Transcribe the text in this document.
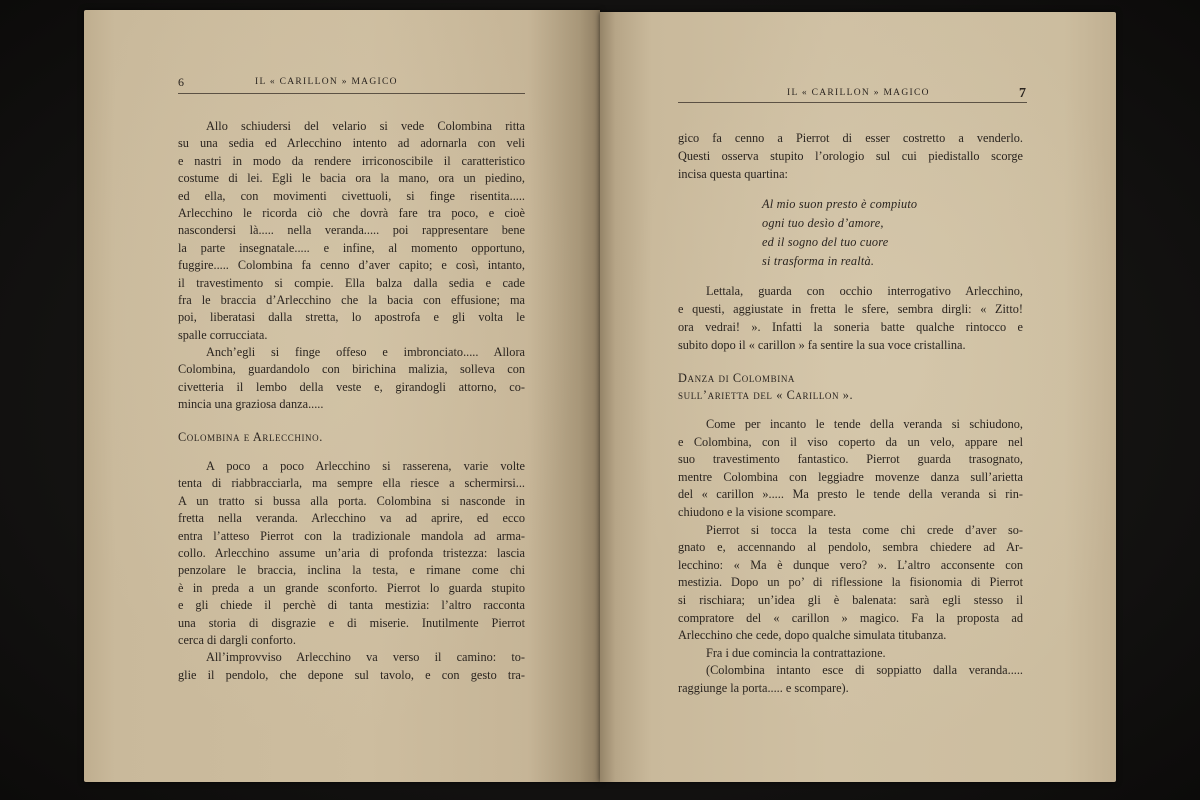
6	IL « CARILLON » MAGICO
Allo schiudersi del velario si vede Colombina ritta
su una sedia ed Arlecchino intento ad adornarla con veli
e nastri in modo da rendere irriconoscibile il caratteristico
costume di lei. Egli le bacia ora la mano, ora un piedino,
ed ella, con movimenti civettuoli, si finge risentita.....
Arlecchino le ricorda ciò che dovrà fare tra poco, e cioè
nascondersi là..... nella veranda..... poi rappresentare bene
la parte insegnatale..... e infine, al momento opportuno,
fuggire..... Colombina fa cenno d’aver capito; e così, intanto,
il travestimento si compie. Ella balza dalla sedia e cade
fra le braccia d’Arlecchino che la bacia con effusione; ma
poi, liberatasi dalla stretta, lo apostrofa e gli volta le
spalle corrucciata.
Anch’egli si finge offeso e imbronciato..... Allora
Colombina, guardandolo con birichina malizia, solleva con
civetteria il lembo della veste e, girandogli attorno, co-
mincia una graziosa danza.....
Colombina e Arlecchino.
A poco a poco Arlecchino si rasserena, varie volte
tenta di riabbracciarla, ma sempre ella riesce a schermirsi...
A un tratto si bussa alla porta. Colombina si nasconde in
fretta nella veranda. Arlecchino va ad aprire, ed ecco
entra l’atteso Pierrot con la tradizionale mandola ad arma-
collo. Arlecchino assume un’aria di profonda tristezza: lascia
penzolare le braccia, inclina la testa, e rimane come chi
è in preda a un grande sconforto. Pierrot lo guarda stupito
e gli chiede il perchè di tanta mestizia: l’altro racconta
una storia di disgrazie e di miserie. Inutilmente Pierrot
cerca di dargli conforto.
All’improvviso Arlecchino va verso il camino: to-
glie il pendolo, che depone sul tavolo, e con gesto tra-
IL « CARILLON » MAGICO	7
gico fa cenno a Pierrot di esser costretto a venderlo.
Questi osserva stupito l’orologio sul cui piedistallo scorge
incisa questa quartina:
Al mio suon presto è compiuto
ogni tuo desìo d’amore,
ed il sogno del tuo cuore
si trasforma in realtà.
Lettala, guarda con occhio interrogativo Arlecchino,
e questi, aggiustate in fretta le sfere, sembra dirgli: « Zitto!
ora vedrai! ». Infatti la soneria batte qualche rintocco e
subito dopo il « carillon » fa sentire la sua voce cristallina.
Danza di Colombina
sull’arietta del « Carillon ».
Come per incanto le tende della veranda si schiudono,
e Colombina, con il viso coperto da un velo, appare nel
suo travestimento fantastico. Pierrot guarda trasognato,
mentre Colombina con leggiadre movenze danza sull’arietta
del « carillon »..... Ma presto le tende della veranda si rin-
chiudono e la visione scompare.
Pierrot si tocca la testa come chi crede d’aver so-
gnato e, accennando al pendolo, sembra chiedere ad Ar-
lecchino: « Ma è dunque vero? ». L’altro acconsente con
mestizia. Dopo un po’ di riflessione la fisionomia di Pierrot
si rischiara; un’idea gli è balenata: sarà egli stesso il
compratore del « carillon » magico. Fa la proposta ad
Arlecchino che cede, dopo qualche simulata titubanza.
Fra i due comincia la contrattazione.
(Colombina intanto esce di soppiatto dalla veranda.....
raggiunge la porta..... e scompare).
